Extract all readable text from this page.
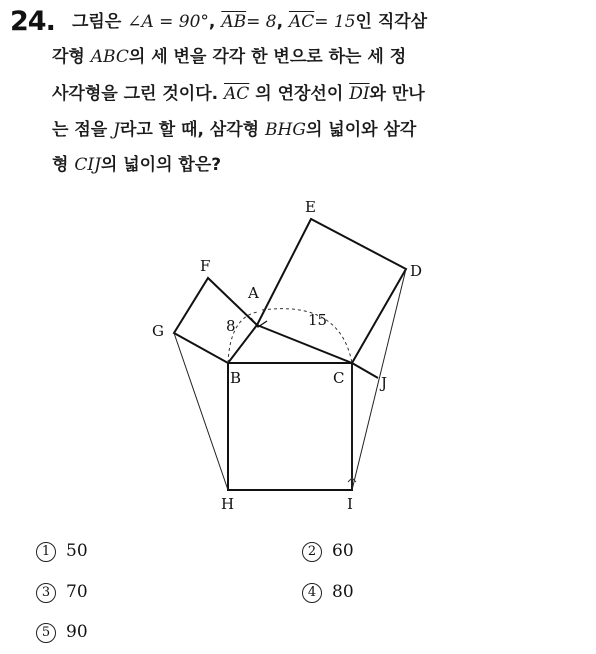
24. 그림은 ∠A = 90°, $\overline{AB}= 8$, $\overline{AC}= 15$인 직각삼
각형 ABC의 세 변을 각각 한 변으로 하는 세 정
사각형을 그린 것이다. $\overline{AC}$ 의 연장선이 $\overline{DI}$와 만나
는 점을 J라고 할 때, 삼각형 BHG의 넓이와 삼각
형 CIJ의 넓이의 합은?
E
F
A
D
G	8	15
B	C J
H	I
1 50	2 60
3 70	4 80
5 90
